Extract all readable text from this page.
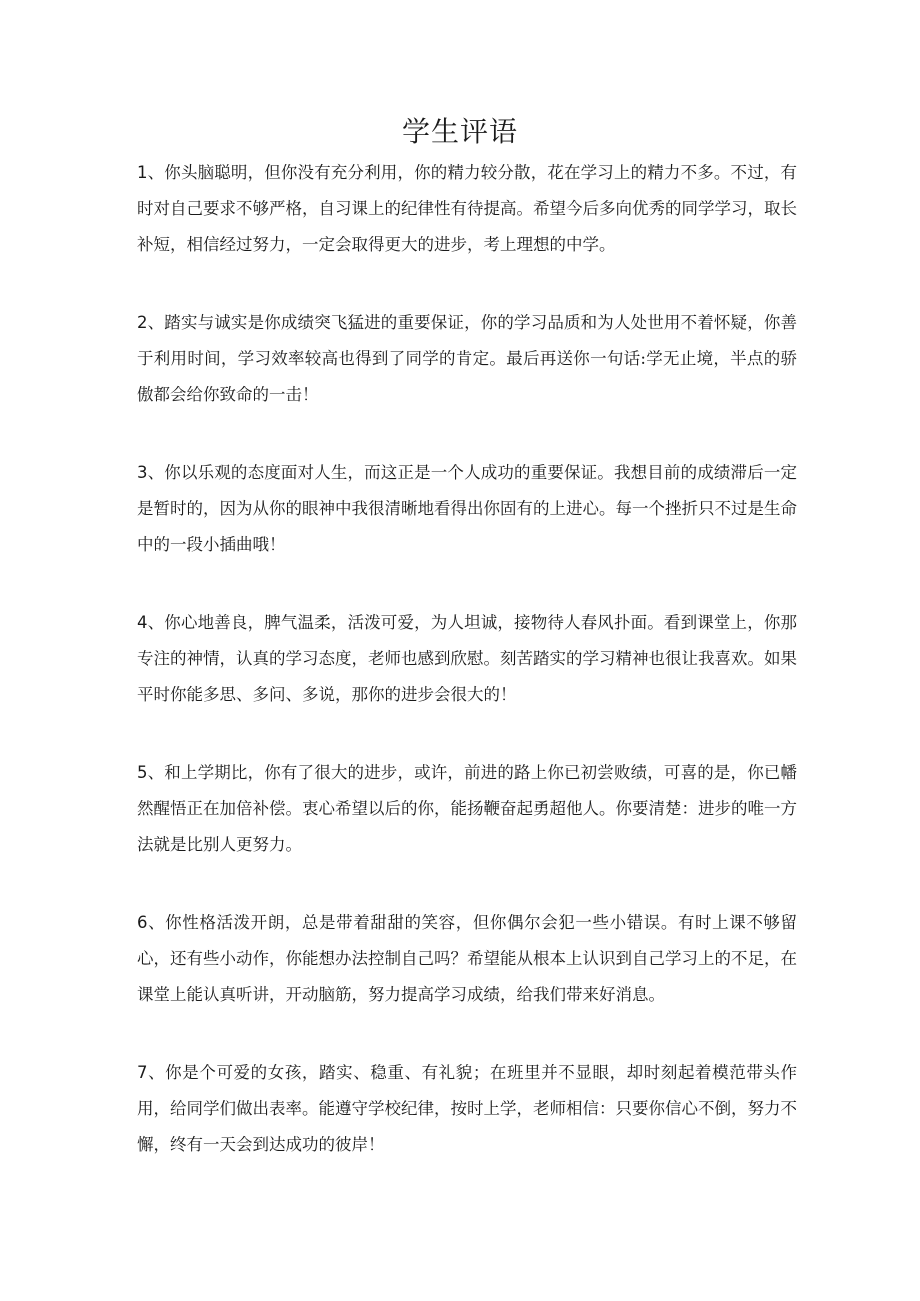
学生评语

1、你头脑聪明，但你没有充分利用，你的精力较分散，花在学习上的精力不多。不过，有时对自己要求不够严格，自习课上的纪律性有待提高。希望今后多向优秀的同学学习，取长补短，相信经过努力，一定会取得更大的进步，考上理想的中学。

2、踏实与诚实是你成绩突飞猛进的重要保证，你的学习品质和为人处世用不着怀疑，你善于利用时间，学习效率较高也得到了同学的肯定。最后再送你一句话:学无止境，半点的骄傲都会给你致命的一击！

3、你以乐观的态度面对人生，而这正是一个人成功的重要保证。我想目前的成绩滞后一定是暂时的，因为从你的眼神中我很清晰地看得出你固有的上进心。每一个挫折只不过是生命中的一段小插曲哦！

4、你心地善良，脾气温柔，活泼可爱，为人坦诚，接物待人春风扑面。看到课堂上，你那专注的神情，认真的学习态度，老师也感到欣慰。刻苦踏实的学习精神也很让我喜欢。如果平时你能多思、多问、多说，那你的进步会很大的！

5、和上学期比，你有了很大的进步，或许，前进的路上你已初尝败绩，可喜的是，你已幡然醒悟正在加倍补偿。衷心希望以后的你，能扬鞭奋起勇超他人。你要清楚：进步的唯一方法就是比别人更努力。

6、你性格活泼开朗，总是带着甜甜的笑容，但你偶尔会犯一些小错误。有时上课不够留心，还有些小动作，你能想办法控制自己吗？希望能从根本上认识到自己学习上的不足，在课堂上能认真听讲，开动脑筋，努力提高学习成绩，给我们带来好消息。

7、你是个可爱的女孩，踏实、稳重、有礼貌；在班里并不显眼，却时刻起着模范带头作用，给同学们做出表率。能遵守学校纪律，按时上学，老师相信：只要你信心不倒，努力不懈，终有一天会到达成功的彼岸！
